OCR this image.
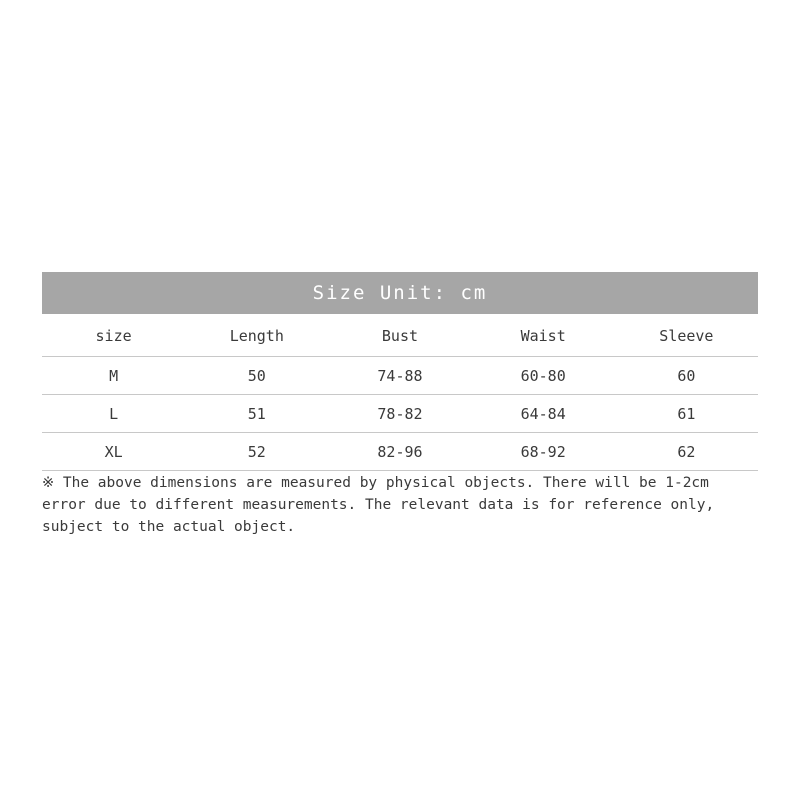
Size Unit: cm
size	Length	Bust	Waist	Sleeve
M	50	74-88	60-80	60
L	51	78-82	64-84	61
XL	52	82-96	68-92	62
※ The above dimensions are measured by physical objects. There will be 1-2cm error due to different measurements. The relevant data is for reference only, subject to the actual object.
